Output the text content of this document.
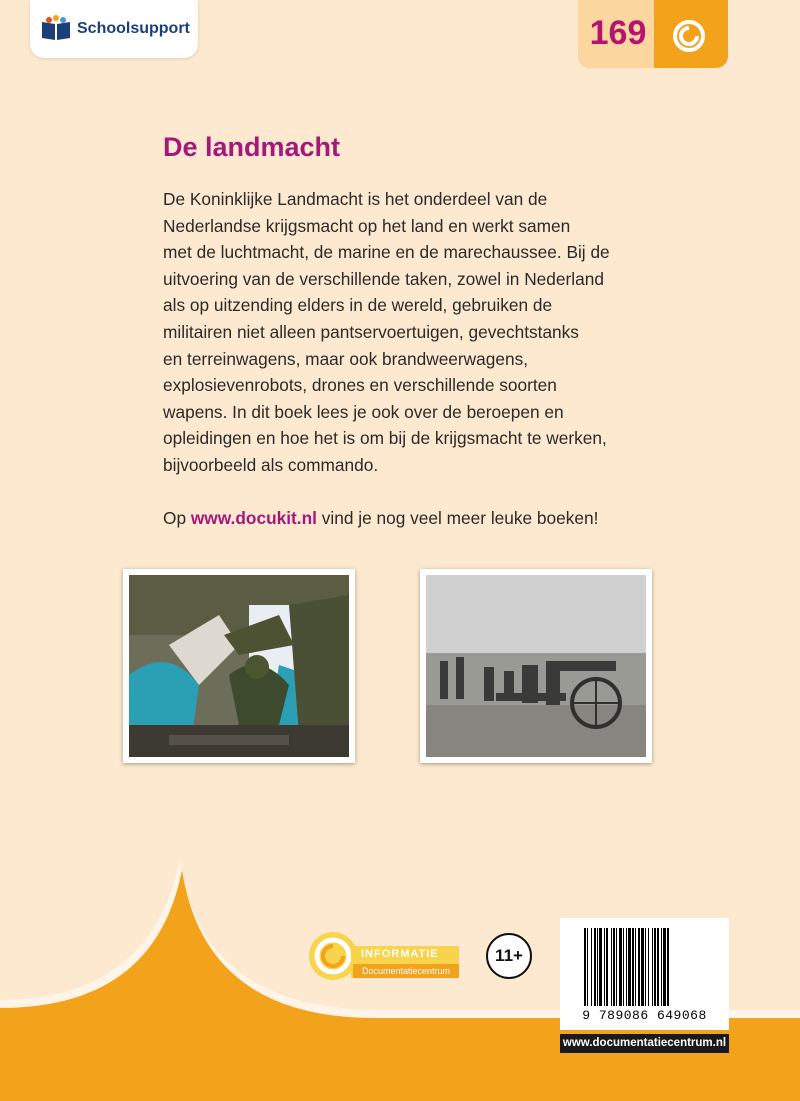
Schoolsupport	169
De landmacht
De Koninklijke Landmacht is het onderdeel van de
Nederlandse krijgsmacht op het land en werkt samen
met de luchtmacht, de marine en de marechaussee. Bij de
uitvoering van de verschillende taken, zowel in Nederland
als op uitzending elders in de wereld, gebruiken de
militairen niet alleen pantservoertuigen, gevechtstanks
en terreinwagens, maar ook brandweerwagens,
explosievenrobots, drones en verschillende soorten
wapens. In dit boek lees je ook over de beroepen en
opleidingen en hoe het is om bij de krijgsmacht te werken,
bijvoorbeeld als commando.
Op www.docukit.nl vind je nog veel meer leuke boeken!
INFORMATIE
Documentatiecentrum
11+
9 789086 649068
www.documentatiecentrum.nl
